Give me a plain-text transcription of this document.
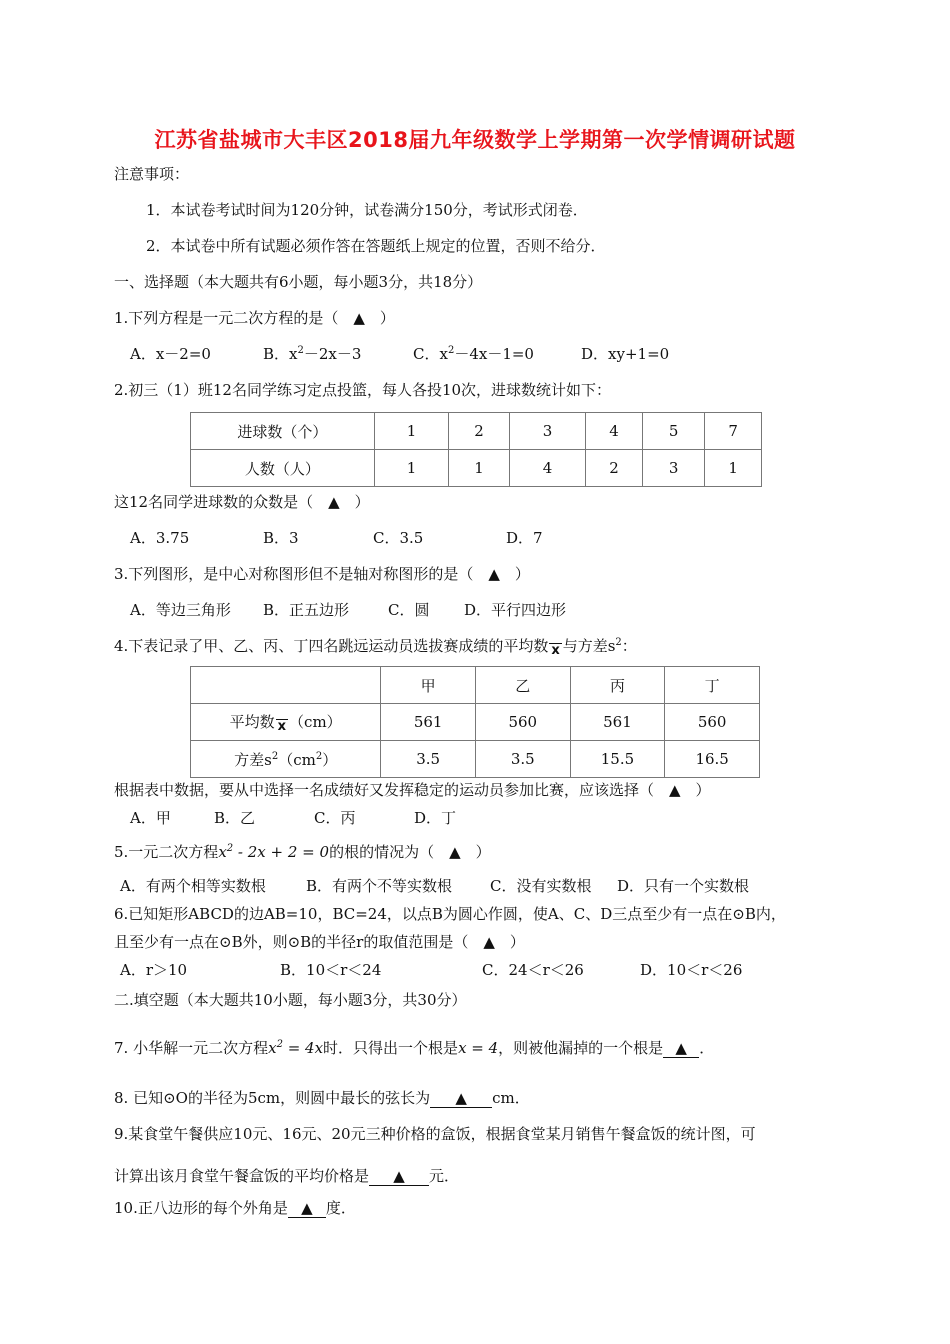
江苏省盐城市大丰区2018届九年级数学上学期第一次学情调研试题
注意事项：
1．本试卷考试时间为120分钟，试卷满分150分，考试形式闭卷．
2．本试卷中所有试题必须作答在答题纸上规定的位置，否则不给分．
一、选择题（本大题共有6小题，每小题3分，共18分）
1.下列方程是一元二次方程的是（　▲　）
A．x－2=0	B．$x^2-2x-3$	C．$x^2-4x-1=0$	D．xy+1=0
2.初三（1）班12名同学练习定点投篮，每人各投10次，进球数统计如下：
进球数（个）	1	2	3	4	5	7
人数（人）	1	1	4	2	3	1
这12名同学进球数的众数是（　▲　）
A．3.75	B．3	C．3.5	D．7
3.下列图形，是中心对称图形但不是轴对称图形的是（　▲　）
A．等边三角形 B．正五边形	C．圆 D．平行四边形
4.下表记录了甲、乙、丙、丁四名跳远运动员选拔赛成绩的平均数 x 与方差$s^2$：
	甲	乙	丙	丁
平均数 x （cm）	561	560	561	560
方差$s^2(cm^2)$	3.5	3.5	15.5	16.5
根据表中数据，要从中选择一名成绩好又发挥稳定的运动员参加比赛，应该选择（　▲　）
A．甲	B．乙	C．丙	D．丁
5.一元二次方程$x^2 - 2x + 2 = 0$的根的情况为（　▲　）
A．有两个相等实数根	B．有两个不等实数根	C．没有实数根 D．只有一个实数根
6.已知矩形ABCD的边AB=10，BC=24，以点B为圆心作圆，使A、C、D三点至少有一点在⊙B内，
且至少有一点在⊙B外，则⊙B的半径r的取值范围是（　▲　）
A．r＞10	B．10＜r＜24	C．24＜r＜26	D．10＜r＜26
二.填空题（本大题共10小题，每小题3分，共30分）
7. 小华解一元二次方程$x^2 = 4x$时．只得出一个根是x = 4，则被他漏掉的一个根是 ▲ ．
8. 已知⊙O的半径为5cm，则圆中最长的弦长为 ▲ cm．
9.某食堂午餐供应10元、16元、20元三种价格的盒饭，根据食堂某月销售午餐盒饭的统计图，可
计算出该月食堂午餐盒饭的平均价格是 ▲ 元．
10.正八边形的每个外角是 ▲ 度．
